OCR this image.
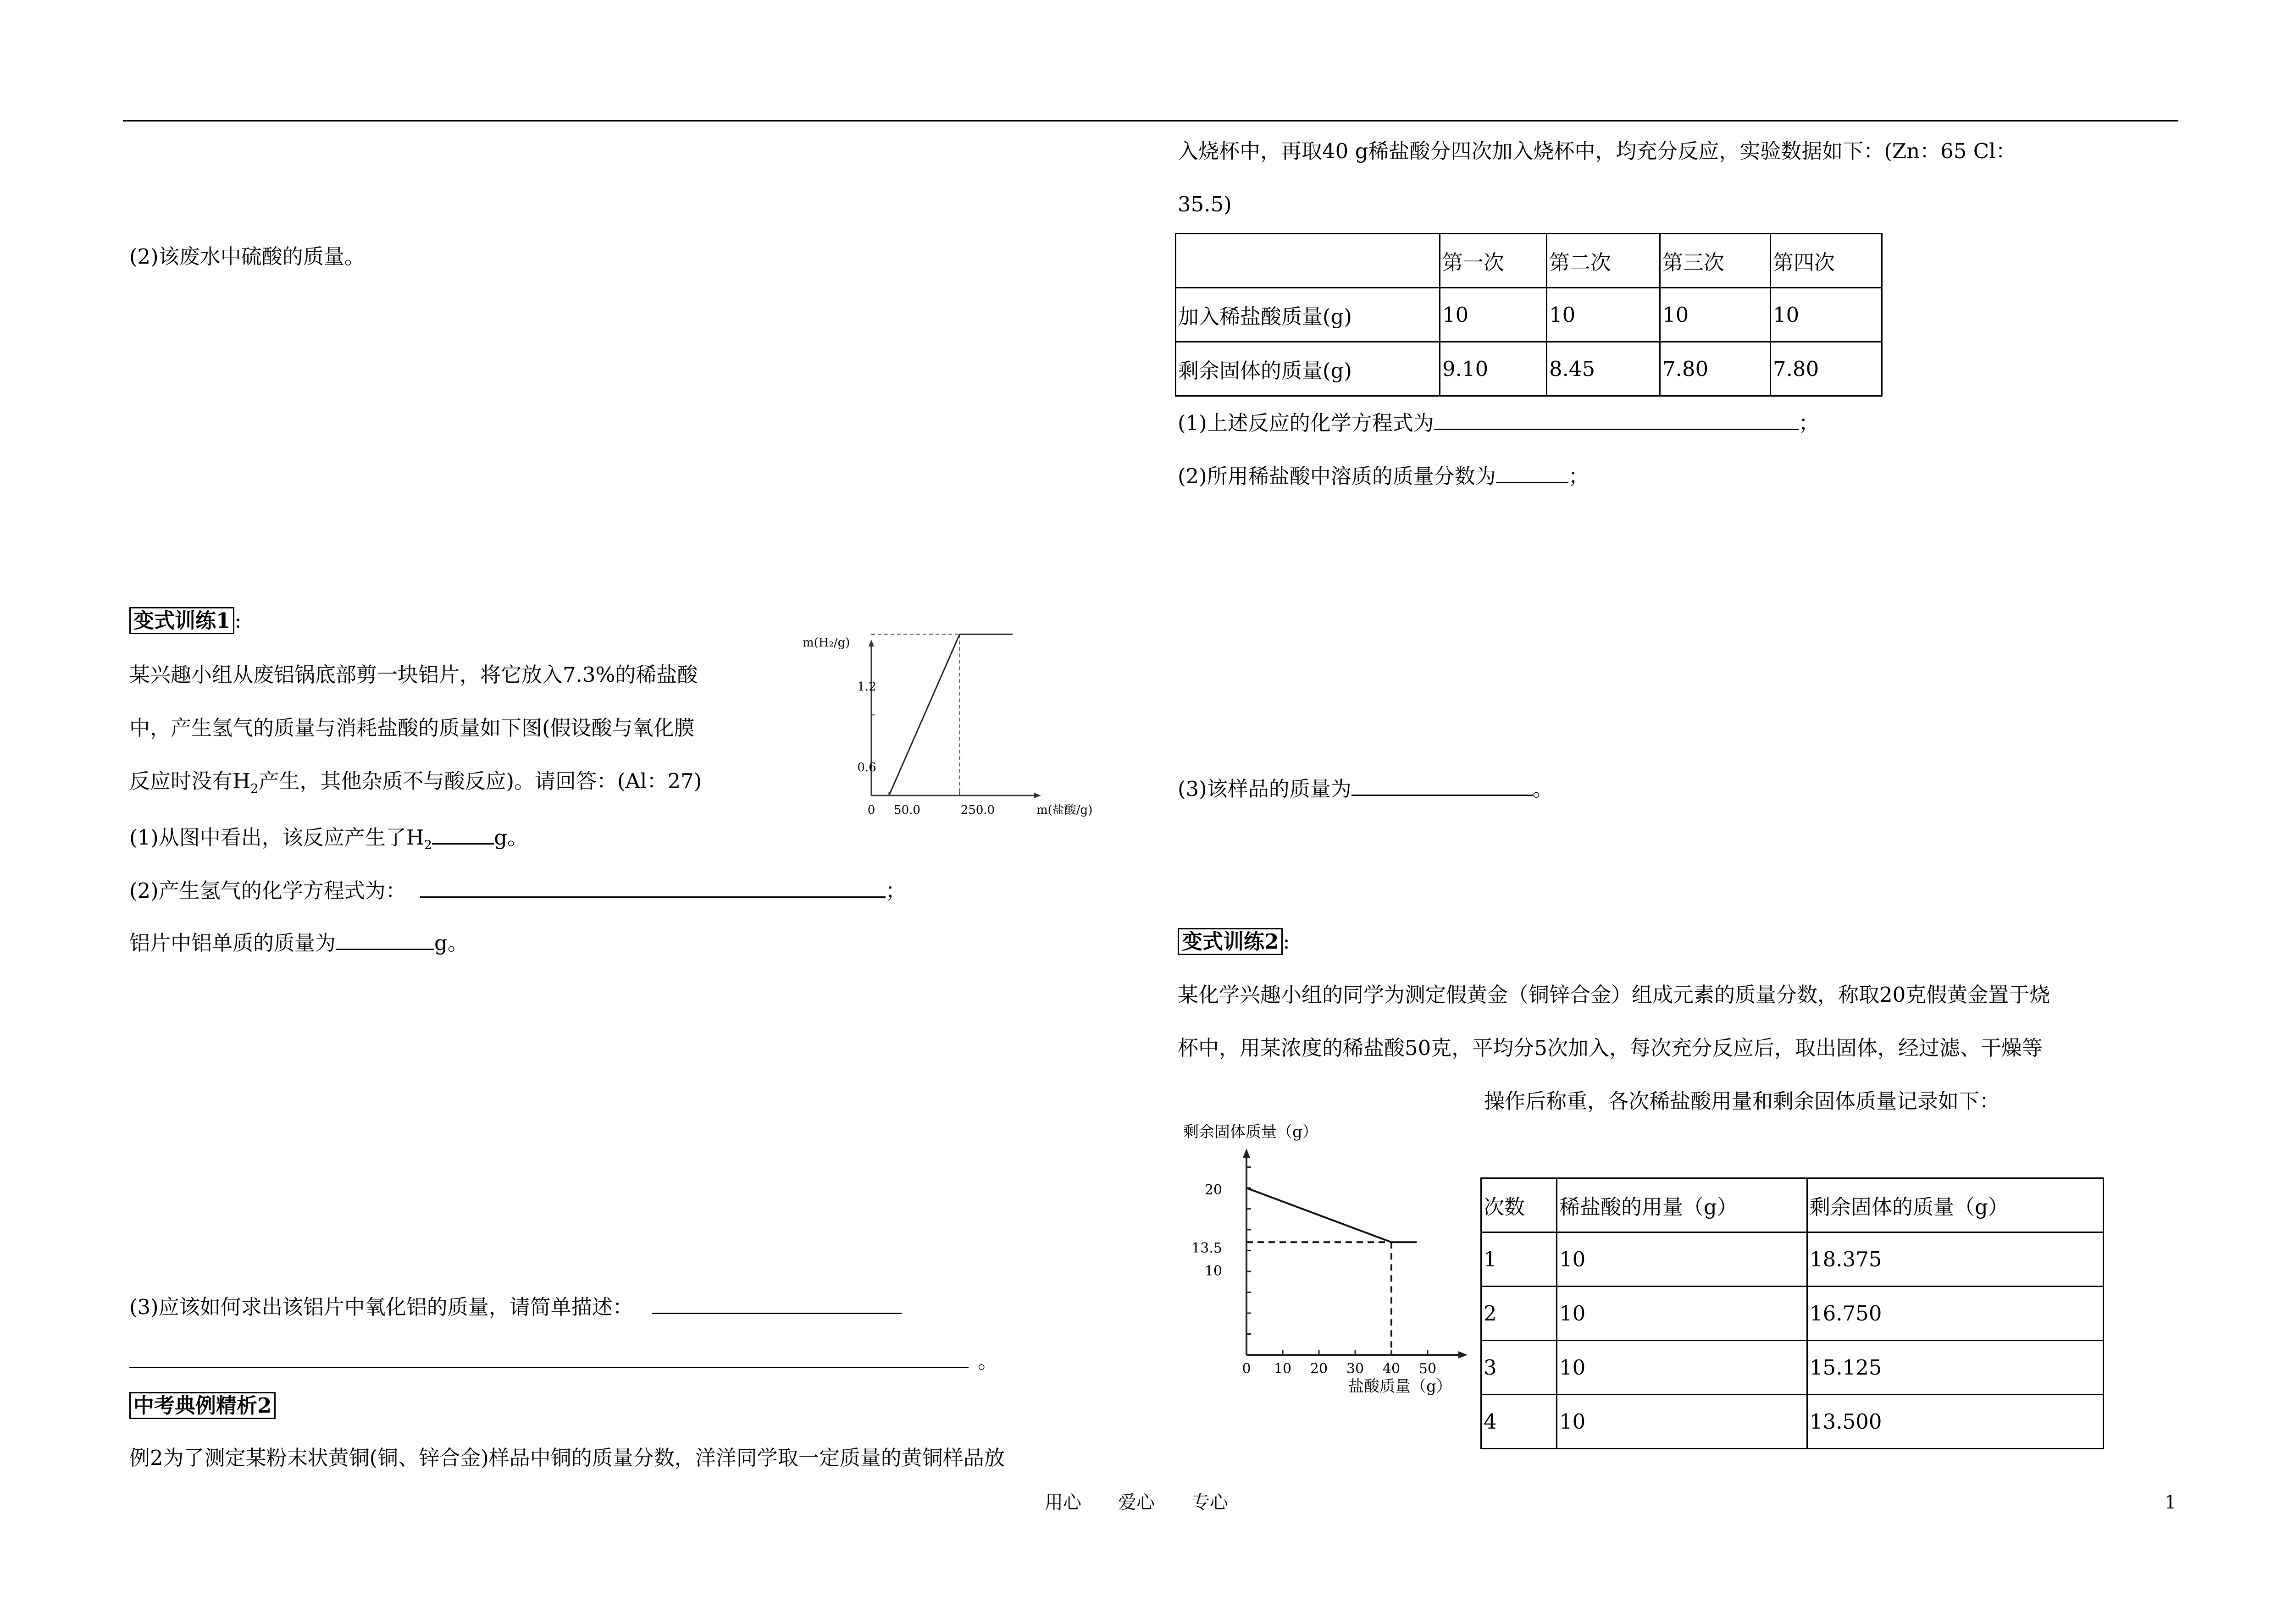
(2)该废水中硫酸的质量。
变式训练1 :
某兴趣小组从废铝锅底部剪一块铝片，将它放入7.3%的稀盐酸
中，产生氢气的质量与消耗盐酸的质量如下图(假设酸与氧化膜
反应时没有$H_2$产生，其他杂质不与酸反应)。请回答：(Al：27)
(1)从图中看出，该反应产生了$H_2$	g。
(2)产生氢气的化学方程式为：	；
铝片中铝单质的质量为	g。
(3)应该如何求出该铝片中氧化铝的质量，请简单描述：
。
中考典例精析2
例2为了测定某粉末状黄铜(铜、锌合金)样品中铜的质量分数，洋洋同学取一定质量的黄铜样品放
m(H₂/g)
m(盐酸/g)
0.6
1.2
0 50.0	250.0
入烧杯中，再取40 g稀盐酸分四次加入烧杯中，均充分反应，实验数据如下：(Zn：65 Cl：
35.5)
	第一次	第二次	第三次	第四次
加入稀盐酸质量(g)	10	10	10	10
剩余固体的质量(g)	9.10	8.45	7.80	7.80
(1)上述反应的化学方程式为	；
(2)所用稀盐酸中溶质的质量分数为	；
(3)该样品的质量为	。
变式训练2 :
某化学兴趣小组的同学为测定假黄金（铜锌合金）组成元素的质量分数，称取20克假黄金置于烧
杯中，用某浓度的稀盐酸50克，平均分5次加入，每次充分反应后，取出固体，经过滤、干燥等
操作后称重，各次稀盐酸用量和剩余固体质量记录如下：
次数	稀盐酸的用量（g）	剩余固体的质量（g）
1	10	18.375
2	10	16.750
3	10	15.125
4	10	13.500
剩余固体质量（g）
盐酸质量（g）
10
13.5
20
0 10 20 30 40 50
用心　　爱心　　专心	1
